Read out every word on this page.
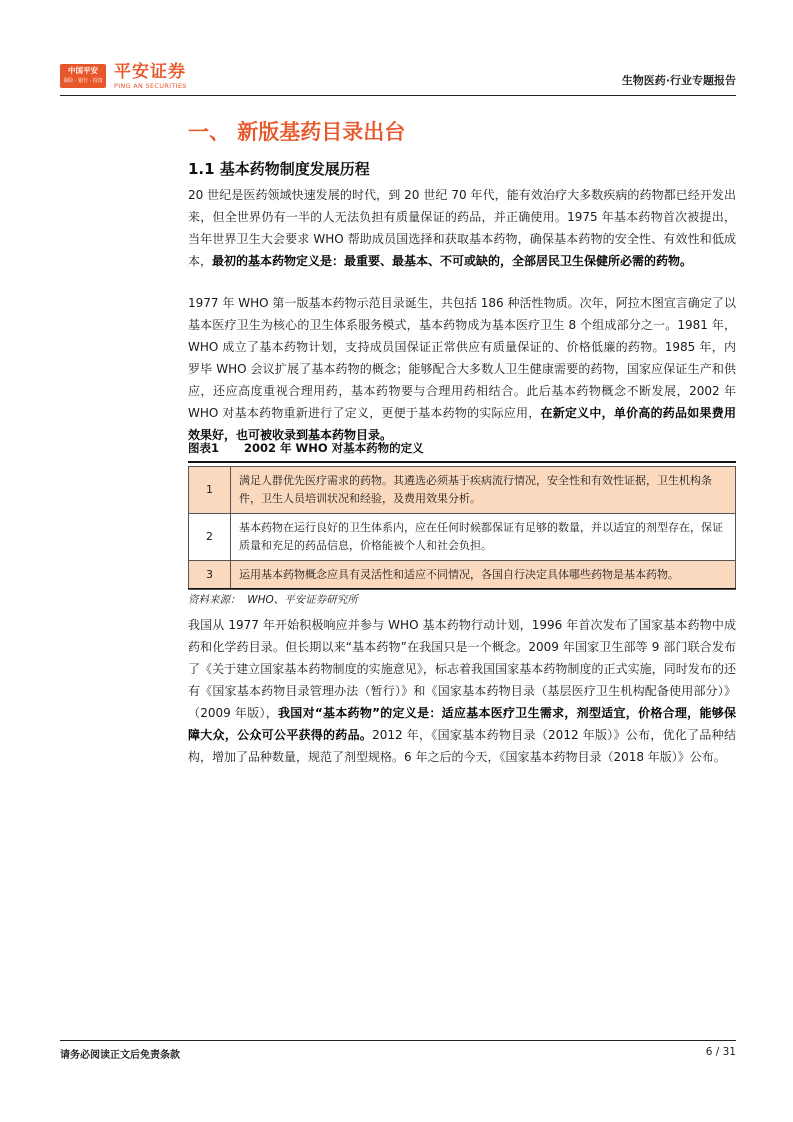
中国平安
保险 · 银行 · 投资 平安证券
PING AN SECURITIES	生物医药·行业专题报告
一、 新版基药目录出台
1.1 基本药物制度发展历程
20 世纪是医药领域快速发展的时代，到 20 世纪 70 年代，能有效治疗大多数疾病的药物都已经开发出来，但全世界仍有一半的人无法负担有质量保证的药品，并正确使用。1975 年基本药物首次被提出，当年世界卫生大会要求 WHO 帮助成员国选择和获取基本药物，确保基本药物的安全性、有效性和低成本，最初的基本药物定义是：最重要、最基本、不可或缺的，全部居民卫生保健所必需的药物。
1977 年 WHO 第一版基本药物示范目录诞生，共包括 186 种活性物质。次年，阿拉木图宣言确定了以基本医疗卫生为核心的卫生体系服务模式，基本药物成为基本医疗卫生 8 个组成部分之一。1981 年，WHO 成立了基本药物计划，支持成员国保证正常供应有质量保证的、价格低廉的药物。1985 年，内罗毕 WHO 会议扩展了基本药物的概念；能够配合大多数人卫生健康需要的药物，国家应保证生产和供应，还应高度重视合理用药，基本药物要与合理用药相结合。此后基本药物概念不断发展，2002 年 WHO 对基本药物重新进行了定义，更便于基本药物的实际应用，在新定义中，单价高的药品如果费用效果好，也可被收录到基本药物目录。
图表1 2002 年 WHO 对基本药物的定义
1	满足人群优先医疗需求的药物。其遴选必须基于疾病流行情况，安全性和有效性证据，卫生机构条件，卫生人员培训状况和经验，及费用效果分析。
2	基本药物在运行良好的卫生体系内，应在任何时候都保证有足够的数量，并以适宜的剂型存在，保证质量和充足的药品信息，价格能被个人和社会负担。
3	运用基本药物概念应具有灵活性和适应不同情况，各国自行决定具体哪些药物是基本药物。
资料来源： WHO、平安证券研究所
我国从 1977 年开始积极响应并参与 WHO 基本药物行动计划，1996 年首次发布了国家基本药物中成药和化学药目录。但长期以来“基本药物”在我国只是一个概念。2009 年国家卫生部等 9 部门联合发布了《关于建立国家基本药物制度的实施意见》，标志着我国国家基本药物制度的正式实施，同时发布的还有《国家基本药物目录管理办法（暂行）》和《国家基本药物目录（基层医疗卫生机构配备使用部分）》（2009 年版），我国对“基本药物”的定义是：适应基本医疗卫生需求，剂型适宜，价格合理，能够保障大众，公众可公平获得的药品。2012 年，《国家基本药物目录（2012 年版）》公布，优化了品种结构，增加了品种数量，规范了剂型规格。6 年之后的今天，《国家基本药物目录（2018 年版）》公布。
请务必阅读正文后免责条款	6 / 31
